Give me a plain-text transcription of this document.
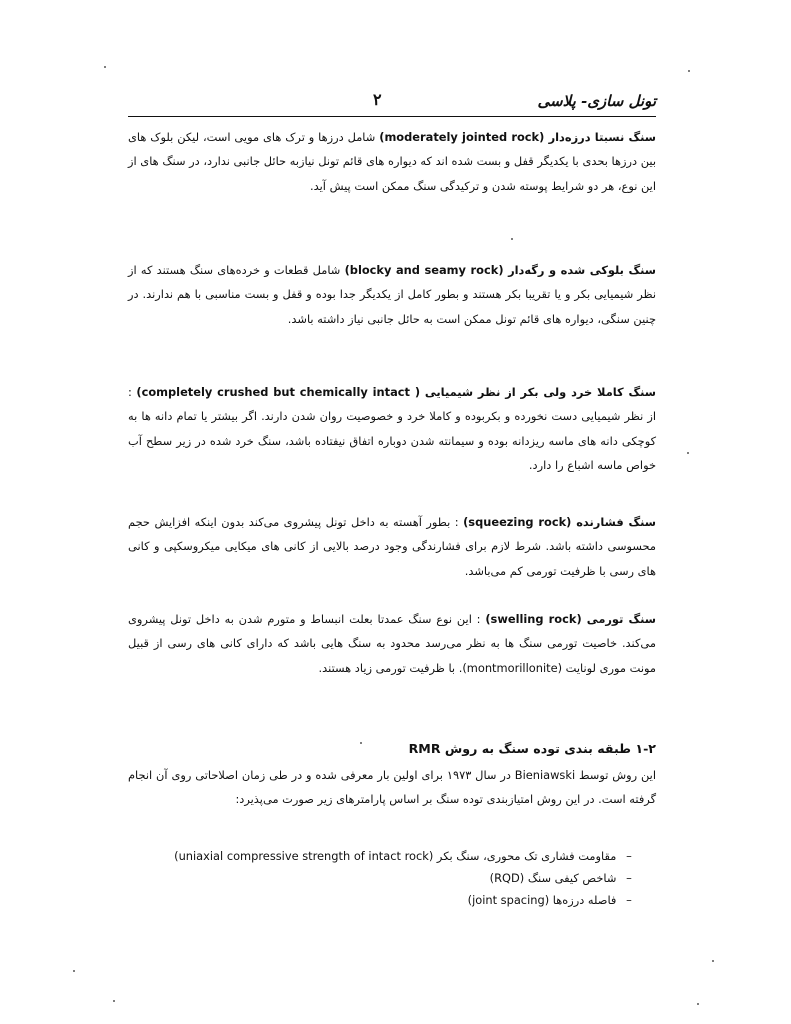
تونل سازی- پلاسی
۲
سنگ نسبتا درزه‌دار (moderately jointed rock) شامل درزها و ترک های مویی است، لیکن بلوک های بین درزها بحدی با یکدیگر قفل و بست شده اند که دیواره های قائم تونل نیازبه حائل جانبی ندارد، در سنگ های از این نوع، هر دو شرایط پوسته شدن و ترکیدگی سنگ ممکن است پیش آید.
سنگ بلوکی شده و رگه‌دار (blocky and seamy rock) شامل قطعات و خرده‌های سنگ هستند که از نظر شیمیایی بکر و یا تقریبا بکر هستند و بطور کامل از یکدیگر جدا بوده و قفل و بست مناسبی با هم ندارند. در چنین سنگی، دیواره های قائم تونل ممکن است به حائل جانبی نیاز داشته باشد.
سنگ کاملا خرد ولی بکر از نظر شیمیایی ( completely crushed but chemically intact) : از نظر شیمیایی دست نخورده و بکربوده و کاملا خرد و خصوصیت روان شدن دارند. اگر بیشتر یا تمام دانه ها به کوچکی دانه های ماسه ریزدانه بوده و سیمانته شدن دوباره اتفاق نیفتاده باشد، سنگ خرد شده در زیر سطح آب خواص ماسه اشباع را دارد.
سنگ فشارنده (squeezing rock) : بطور آهسته به داخل تونل پیشروی می‌کند بدون اینکه افزایش حجم محسوسی داشته باشد. شرط لازم برای فشارندگی وجود درصد بالایی از کانی های میکایی میکروسکپی و کانی های رسی با ظرفیت تورمی کم می‌باشد.
سنگ تورمی (swelling rock) : این نوع سنگ عمدتا بعلت انبساط و متورم شدن به داخل تونل پیشروی می‌کند. خاصیت تورمی سنگ ها به نظر می‌رسد محدود به سنگ هایی باشد که دارای کانی های رسی از قبیل مونت موری لونایت (montmorillonite). با ظرفیت تورمی زیاد هستند.
۱-۲ طبقه بندی توده سنگ به روش RMR
این روش توسط Bieniawski در سال ۱۹۷۳ برای اولین بار معرفی شده و در طی زمان اصلاحاتی روی آن انجام گرفته است. در این روش امتیازبندی توده سنگ بر اساس پارامترهای زیر صورت می‌پذیرد:
– مقاومت فشاری تک محوری، سنگ بکر (uniaxial compressive strength of intact rock)
– شاخص کیفی سنگ (RQD)
– فاصله درزه‌ها (joint spacing)
